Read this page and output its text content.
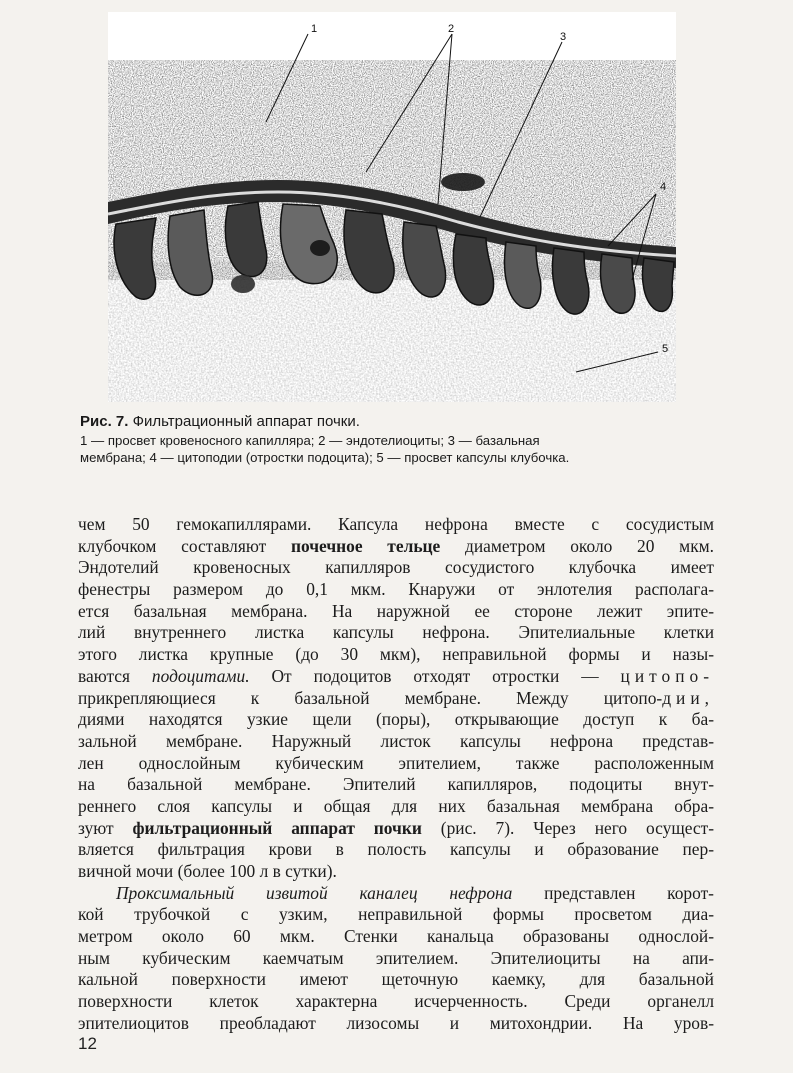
1	2
3
4
5
Рис. 7. Фильтрационный аппарат почки.
1 — просвет кровеносного капилляра; 2 — эндотелиоциты; 3 — базальная
мембрана; 4 — цитоподии (отростки подоцита); 5 — просвет капсулы клубочка.
чем 50 гемокапиллярами. Капсула нефрона вместе с сосудистым
клубочком составляют почечное тельце диаметром около 20 мкм.
Эндотелий кровеносных капилляров сосудистого клубочка имеет
фенестры размером до 0,1 мкм. Кнаружи от энлотелия располага-
ется базальная мембрана. На наружной ее стороне лежит эпите-
лий внутреннего листка капсулы нефрона. Эпителиальные клетки
этого листка крупные (до 30 мкм), неправильной формы и назы-
ваются подоцитами. От подоцитов отходят отростки — цитопо-
прикрепляющиеся к базальной мембране. Между цитопо-дии,
диями находятся узкие щели (поры), открывающие доступ к ба-
зальной мембране. Наружный листок капсулы нефрона представ-
лен однослойным кубическим эпителием, также расположенным
на базальной мембране. Эпителий капилляров, подоциты внут-
реннего слоя капсулы и общая для них базальная мембрана обра-
зуют фильтрационный аппарат почки (рис. 7). Через него осущест-
вляется фильтрация крови в полость капсулы и образование пер-
вичной мочи (более 100 л в сутки).
Проксимальный извитой каналец нефрона представлен корот-
кой трубочкой с узким, неправильной формы просветом диа-
метром около 60 мкм. Стенки канальца образованы однослой-
ным кубическим каемчатым эпителием. Эпителиоциты на апи-
кальной поверхности имеют щеточную каемку, для базальной
поверхности клеток характерна исчерченность. Среди органелл
эпителиоцитов преобладают лизосомы и митохондрии. На уров-
12
